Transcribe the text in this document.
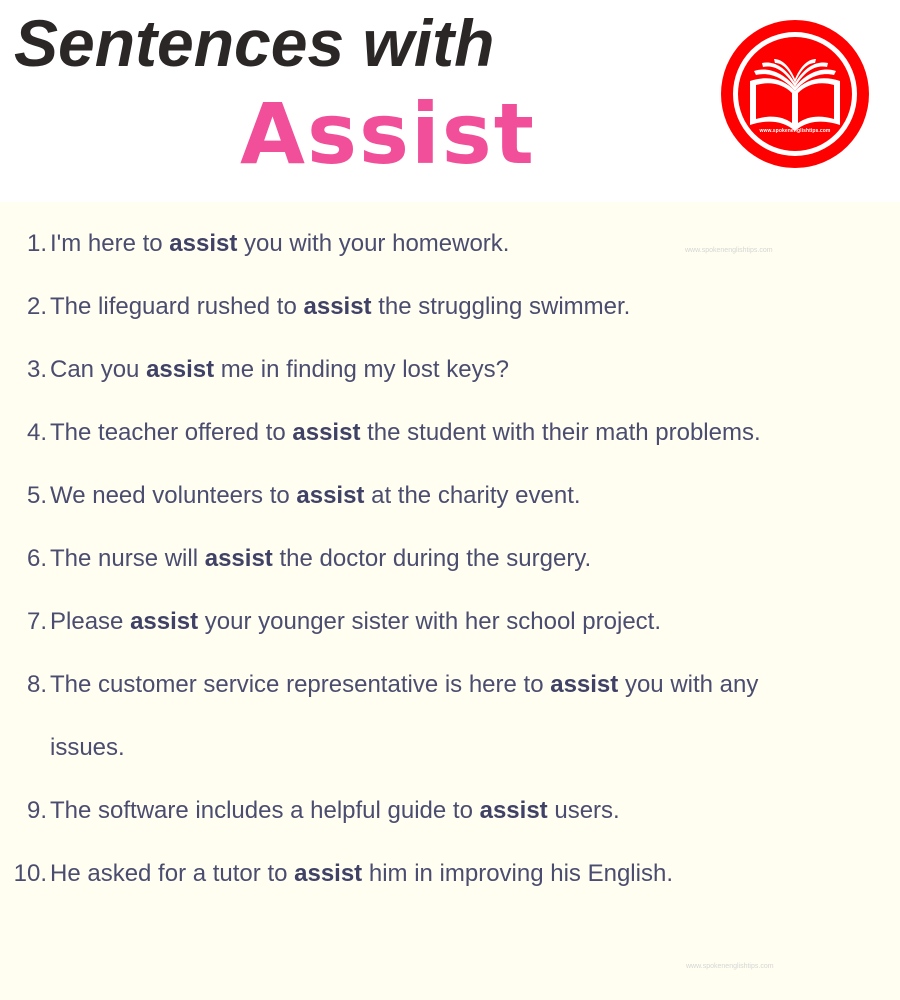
Sentences with
Assist	www.spokenenglishtips.com
www.spokenenglishtips.com
1. I'm here to assist you with your homework.
2. The lifeguard rushed to assist the struggling swimmer.
3. Can you assist me in finding my lost keys?
4. The teacher offered to assist the student with their math problems.
5. We need volunteers to assist at the charity event.
6. The nurse will assist the doctor during the surgery.
7. Please assist your younger sister with her school project.
8. The customer service representative is here to assist you with any issues.
9. The software includes a helpful guide to assist users.
10. He asked for a tutor to assist him in improving his English.
www.spokenenglishtips.com
